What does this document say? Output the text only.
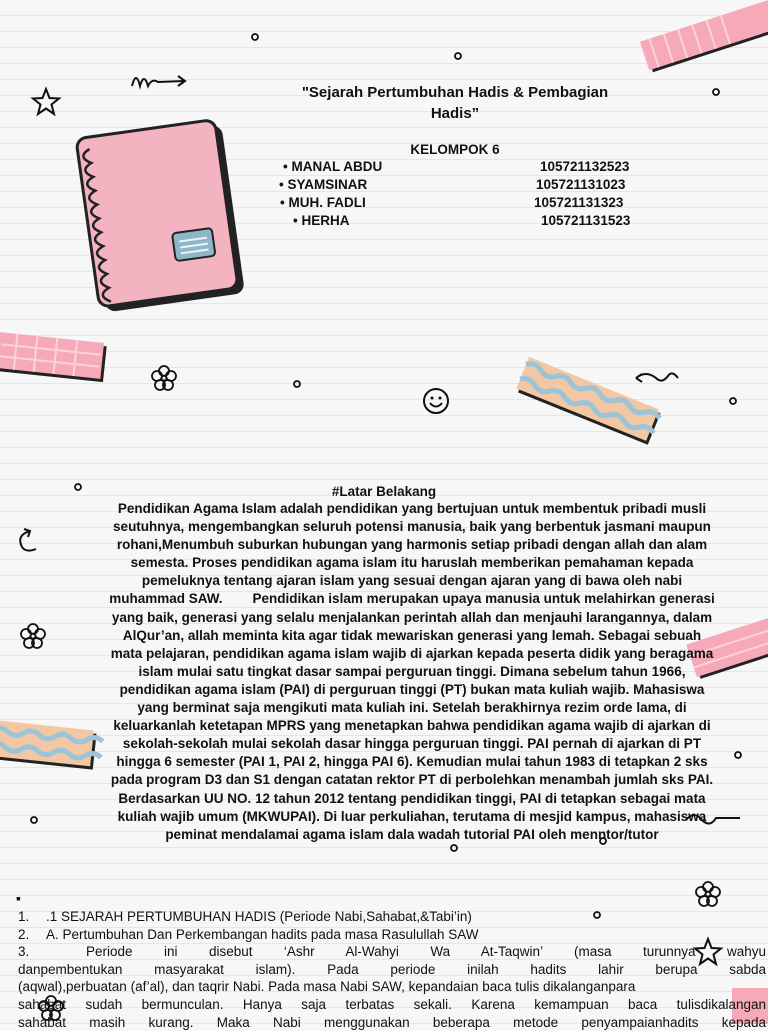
"Sejarah Pertumbuhan Hadis & Pembagian
Hadis”
KELOMPOK 6
• MANAL ABDU	105721132523
• SYAMSINAR	105721131023
• MUH. FADLI	105721131323
• HERHA	105721131523
#Latar Belakang
Pendidikan Agama Islam adalah pendidikan yang bertujuan untuk membentuk pribadi musli
seutuhnya, mengembangkan seluruh potensi manusia, baik yang berbentuk jasmani maupun
rohani,Menumbuh suburkan hubungan yang harmonis setiap pribadi dengan allah dan alam
semesta. Proses pendidikan agama islam itu haruslah memberikan pemahaman kepada
pemeluknya tentang ajaran islam yang sesuai dengan ajaran yang di bawa oleh nabi
muhammad SAW.        Pendidikan islam merupakan upaya manusia untuk melahirkan generasi
yang baik, generasi yang selalu menjalankan perintah allah dan menjauhi larangannya, dalam
AlQur’an, allah meminta kita agar tidak mewariskan generasi yang lemah. Sebagai sebuah
mata pelajaran, pendidikan agama islam wajib di ajarkan kepada peserta didik yang beragama
islam mulai satu tingkat dasar sampai perguruan tinggi. Dimana sebelum tahun 1966,
pendidikan agama islam (PAI) di perguruan tinggi (PT) bukan mata kuliah wajib. Mahasiswa
yang berminat saja mengikuti mata kuliah ini. Setelah berakhirnya rezim orde lama, di
keluarkanlah ketetapan MPRS yang menetapkan bahwa pendidikan agama wajib di ajarkan di
sekolah-sekolah mulai sekolah dasar hingga perguruan tinggi. PAI pernah di ajarkan di PT
hingga 6 semester (PAI 1, PAI 2, hingga PAI 6). Kemudian mulai tahun 1983 di tetapkan 2 sks
pada program D3 dan S1 dengan catatan rektor PT di perbolehkan menambah jumlah sks PAI.
Berdasarkan UU NO. 12 tahun 2012 tentang pendidikan tinggi, PAI di tetapkan sebagai mata
kuliah wajib umum (MKWUPAI). Di luar perkuliahan, terutama di mesjid kampus, mahasiswa
peminat mendalamai agama islam dala wadah tutorial PAI oleh menntor/tutor
▪
1.	.1 SEJARAH PERTUMBUHAN HADIS (Periode Nabi,Sahabat,&Tabi’in)
2.	A. Pertumbuhan Dan Perkembangan hadits pada masa Rasulullah SAW
3.	Periode ini disebut ‘Ashr Al-Wahyi Wa At-Taqwin’ (masa turunnya wahyu
danpembentukan masyarakat islam). Pada periode inilah hadits lahir berupa sabda
(aqwal),perbuatan (af’al), dan taqrir Nabi. Pada masa Nabi SAW, kepandaian baca tulis dikalanganpara
sahabat sudah bermunculan. Hanya saja terbatas sekali. Karena kemampuan baca tulisdikalangan
sahabat masih kurang. Maka Nabi menggunakan beberapa metode penyampaianhadits kepada
